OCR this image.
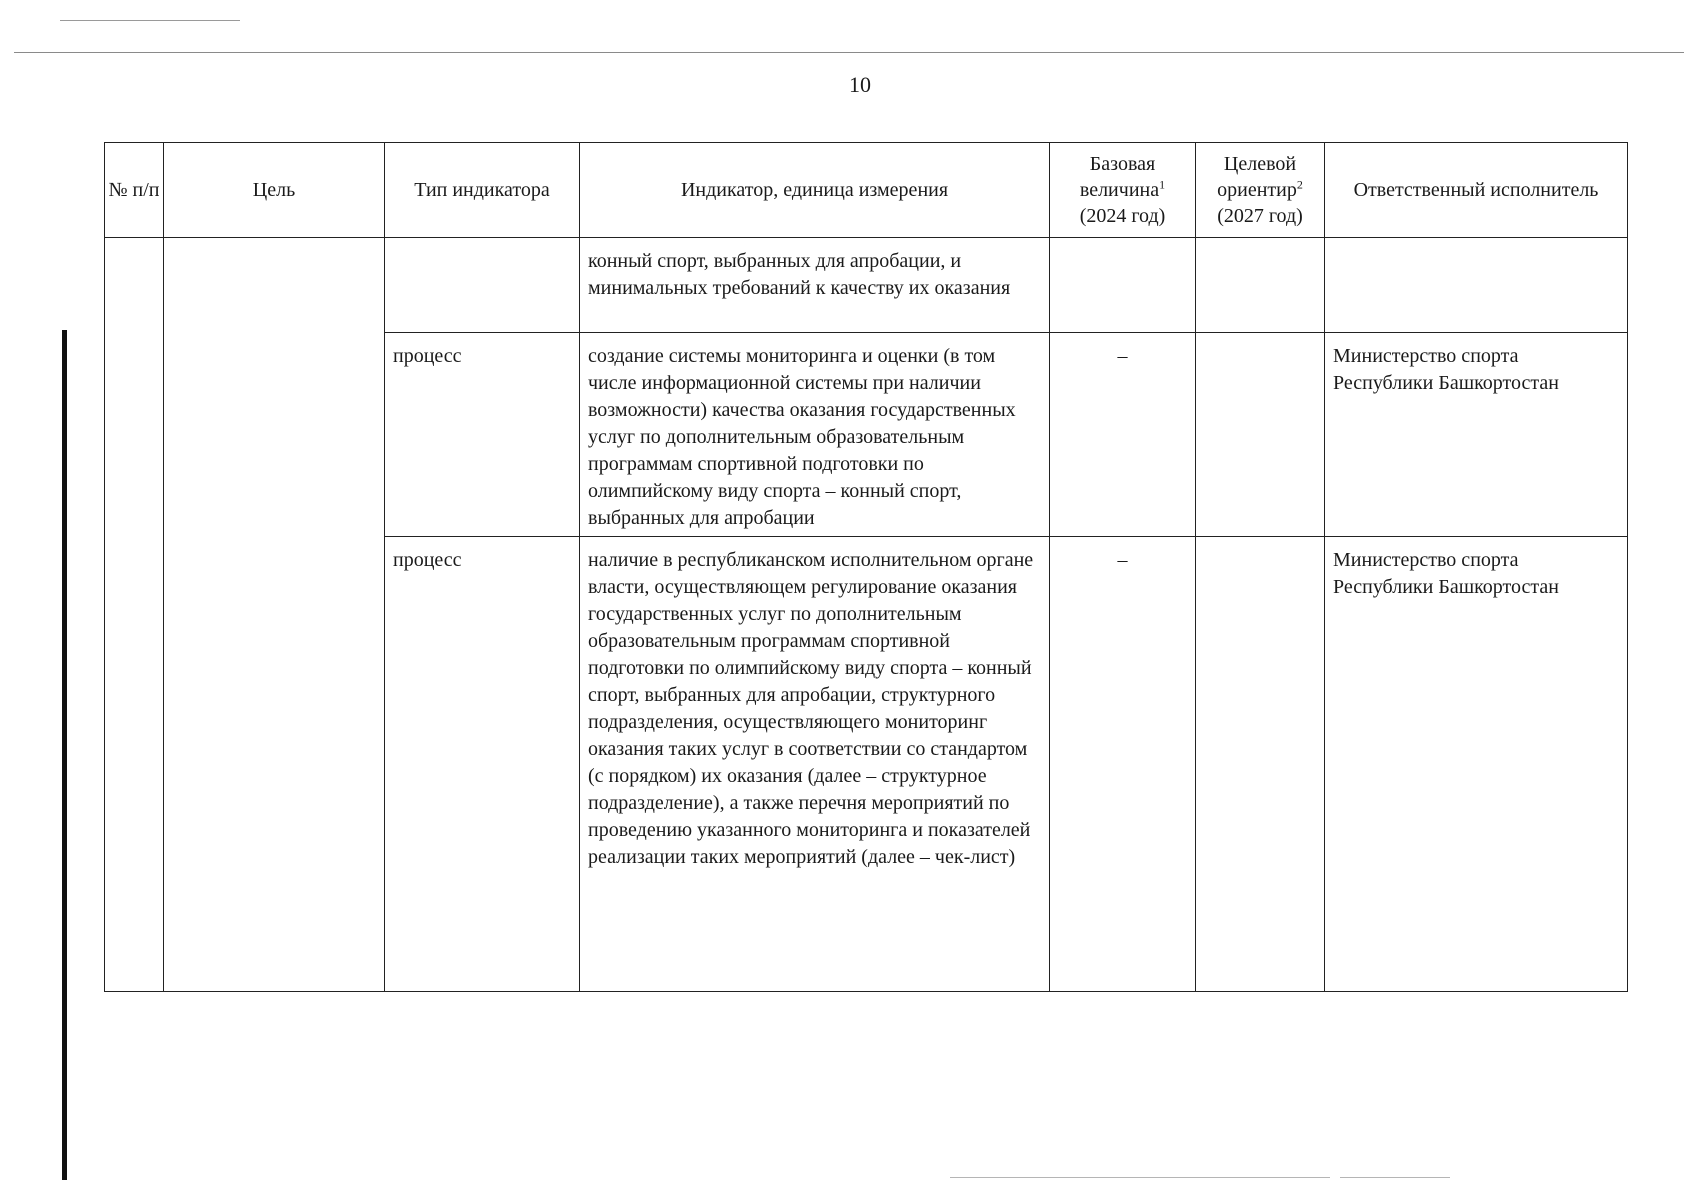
10
№ п/п	Цель	Тип индикатора	Индикатор, единица измерения	Базовая
величина$^1$
(2024 год)	Целевой
ориентир$^2$
(2027 год)	Ответственный исполнитель

			конный спорт, выбранных для апробации, и минимальных требований к качеству их оказания			

		процесс	создание системы мониторинга и оценки (в том числе информационной системы при наличии возможности) качества оказания государственных услуг по дополнительным образовательным программам спортивной подготовки по олимпийскому виду спорта – конный спорт, выбранных для апробации	–		Министерство спорта Республики Башкортостан

		процесс	наличие в республиканском исполнительном органе власти, осуществляющем регулирование оказания государственных услуг по дополнительным образовательным программам спортивной подготовки по олимпийскому виду спорта – конный спорт, выбранных для апробации, структурного подразделения, осуществляющего мониторинг оказания таких услуг в соответствии со стандартом (с порядком) их оказания (далее – структурное подразделение), а также перечня мероприятий по проведению указанного мониторинга и показателей реализации таких мероприятий (далее – чек-лист)	–		Министерство спорта Республики Башкортостан
